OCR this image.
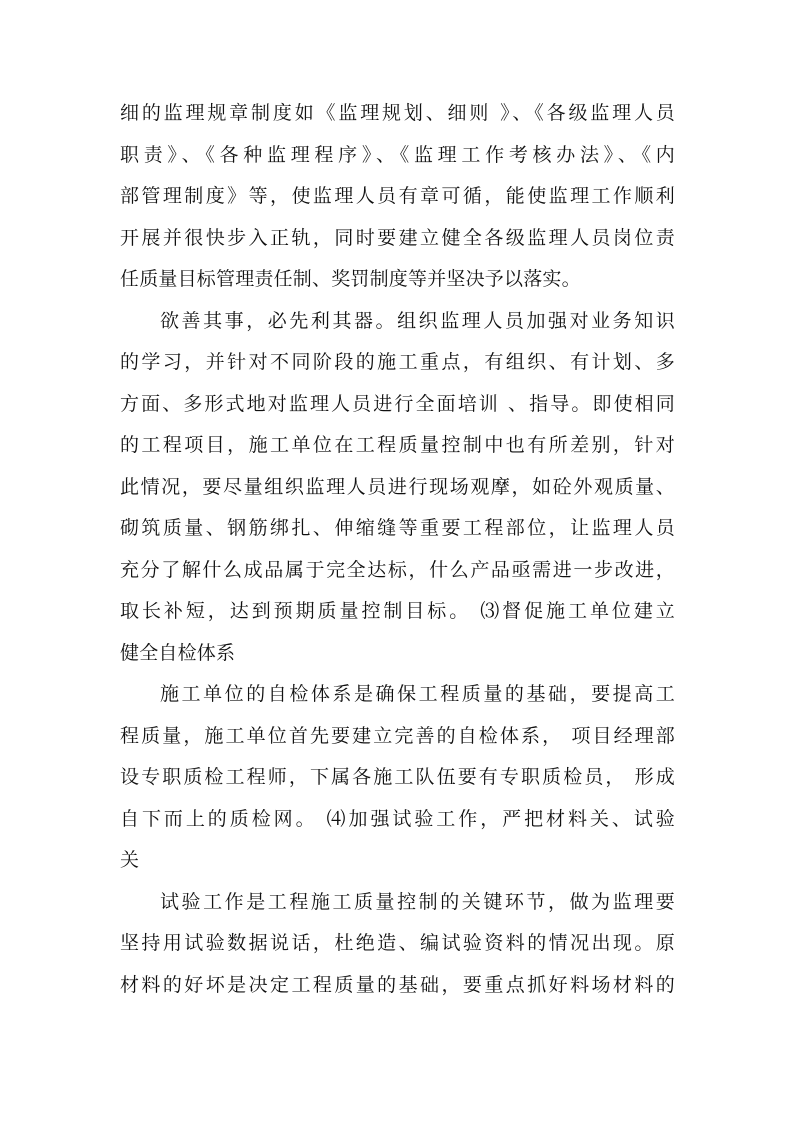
细的监理规章制度如《监理规划、细则 》、《各级监理人员
职责》、《各种监理程序》、《监理工作考核办法》、《内
部管理制度》等，使监理人员有章可循，能使监理工作顺利
开展并很快步入正轨，同时要建立健全各级监理人员岗位责
任质量目标管理责任制、奖罚制度等并坚决予以落实。
欲善其事，必先利其器。组织监理人员加强对业务知识
的学习，并针对不同阶段的施工重点，有组织、有计划、多
方面、多形式地对监理人员进行全面培训 、指导。即使相同
的工程项目，施工单位在工程质量控制中也有所差别，针对
此情况，要尽量组织监理人员进行现场观摩，如砼外观质量、
砌筑质量、钢筋绑扎、伸缩缝等重要工程部位，让监理人员
充分了解什么成品属于完全达标，什么产品亟需进一步改进，
取长补短，达到预期质量控制目标。 ⑶督促施工单位建立
健全自检体系
施工单位的自检体系是确保工程质量的基础，要提高工
程质量，施工单位首先要建立完善的自检体系， 项目经理部
设专职质检工程师，下属各施工队伍要有专职质检员， 形成
自下而上的质检网。 ⑷加强试验工作，严把材料关、试验
关
试验工作是工程施工质量控制的关键环节，做为监理要
坚持用试验数据说话，杜绝造、编试验资料的情况出现。原
材料的好坏是决定工程质量的基础，要重点抓好料场材料的
